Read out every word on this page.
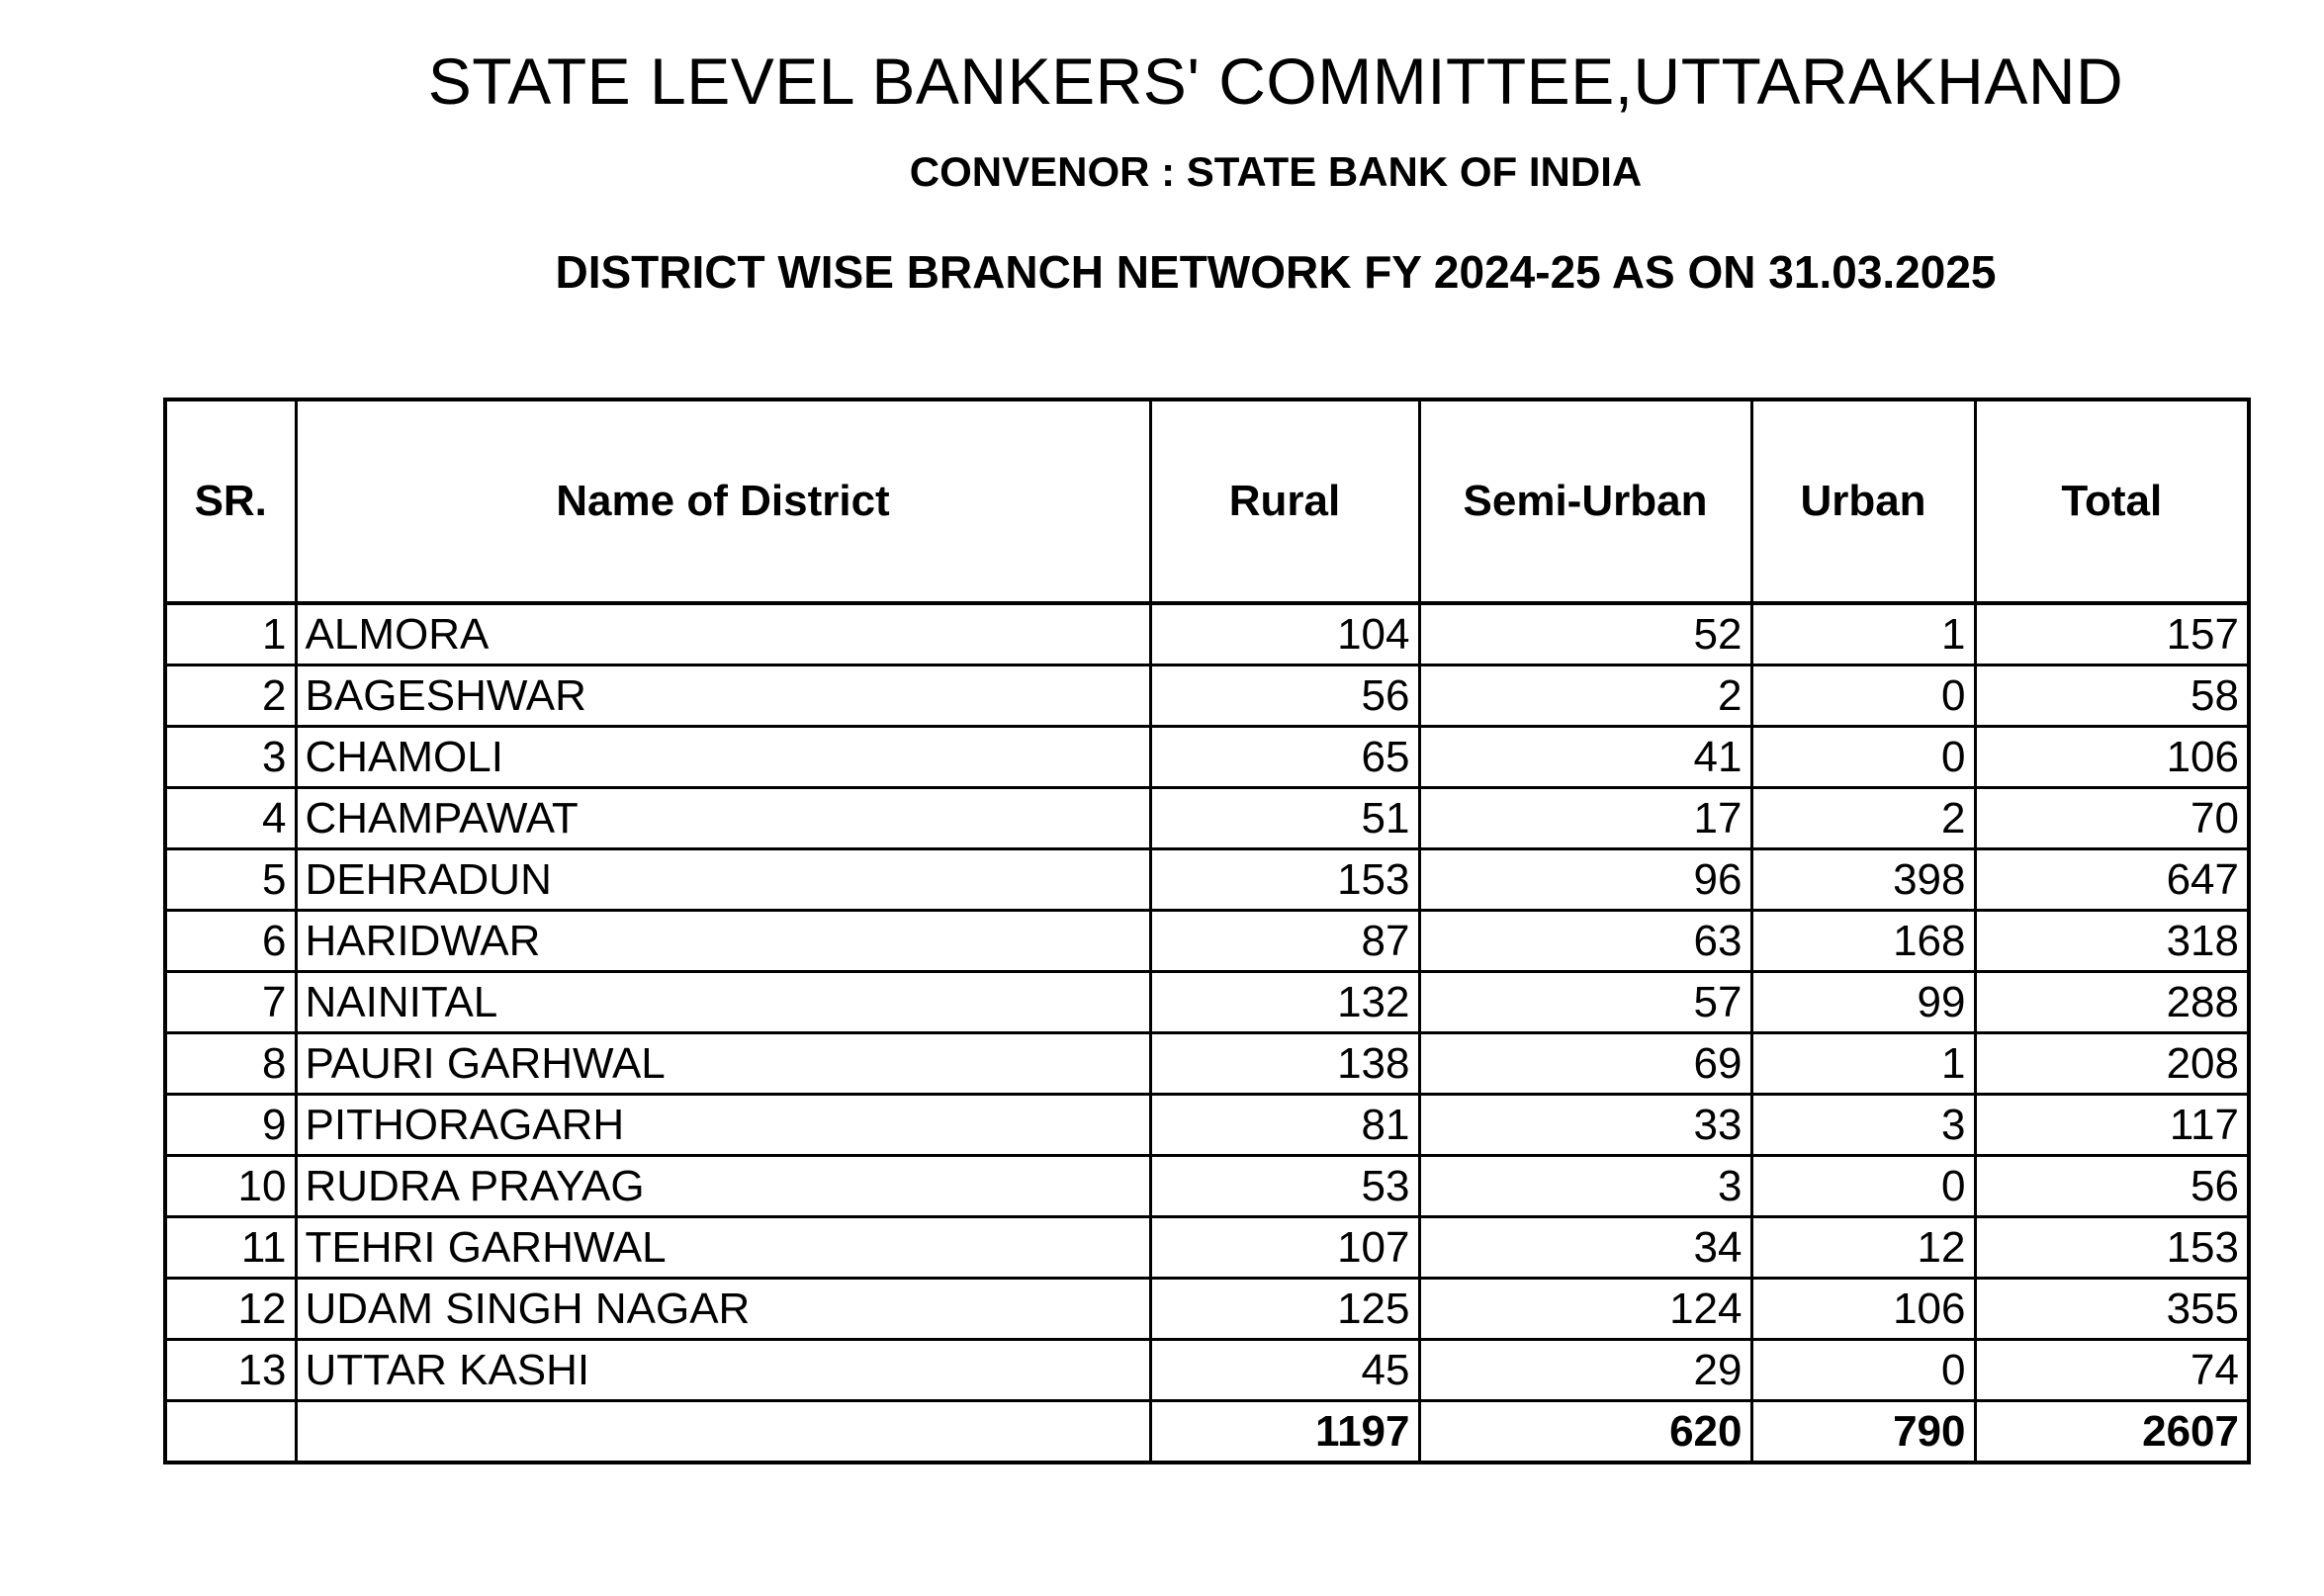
STATE LEVEL BANKERS' COMMITTEE,UTTARAKHAND
CONVENOR : STATE BANK OF INDIA
DISTRICT WISE BRANCH NETWORK FY 2024-25 AS ON 31.03.2025
SR.	Name of District	Rural	Semi-Urban	Urban	Total
1	ALMORA	104	52	1	157
2	BAGESHWAR	56	2	0	58
3	CHAMOLI	65	41	0	106
4	CHAMPAWAT	51	17	2	70
5	DEHRADUN	153	96	398	647
6	HARIDWAR	87	63	168	318
7	NAINITAL	132	57	99	288
8	PAURI GARHWAL	138	69	1	208
9	PITHORAGARH	81	33	3	117
10	RUDRA PRAYAG	53	3	0	56
11	TEHRI GARHWAL	107	34	12	153
12	UDAM SINGH NAGAR	125	124	106	355
13	UTTAR KASHI	45	29	0	74
		1197	620	790	2607
